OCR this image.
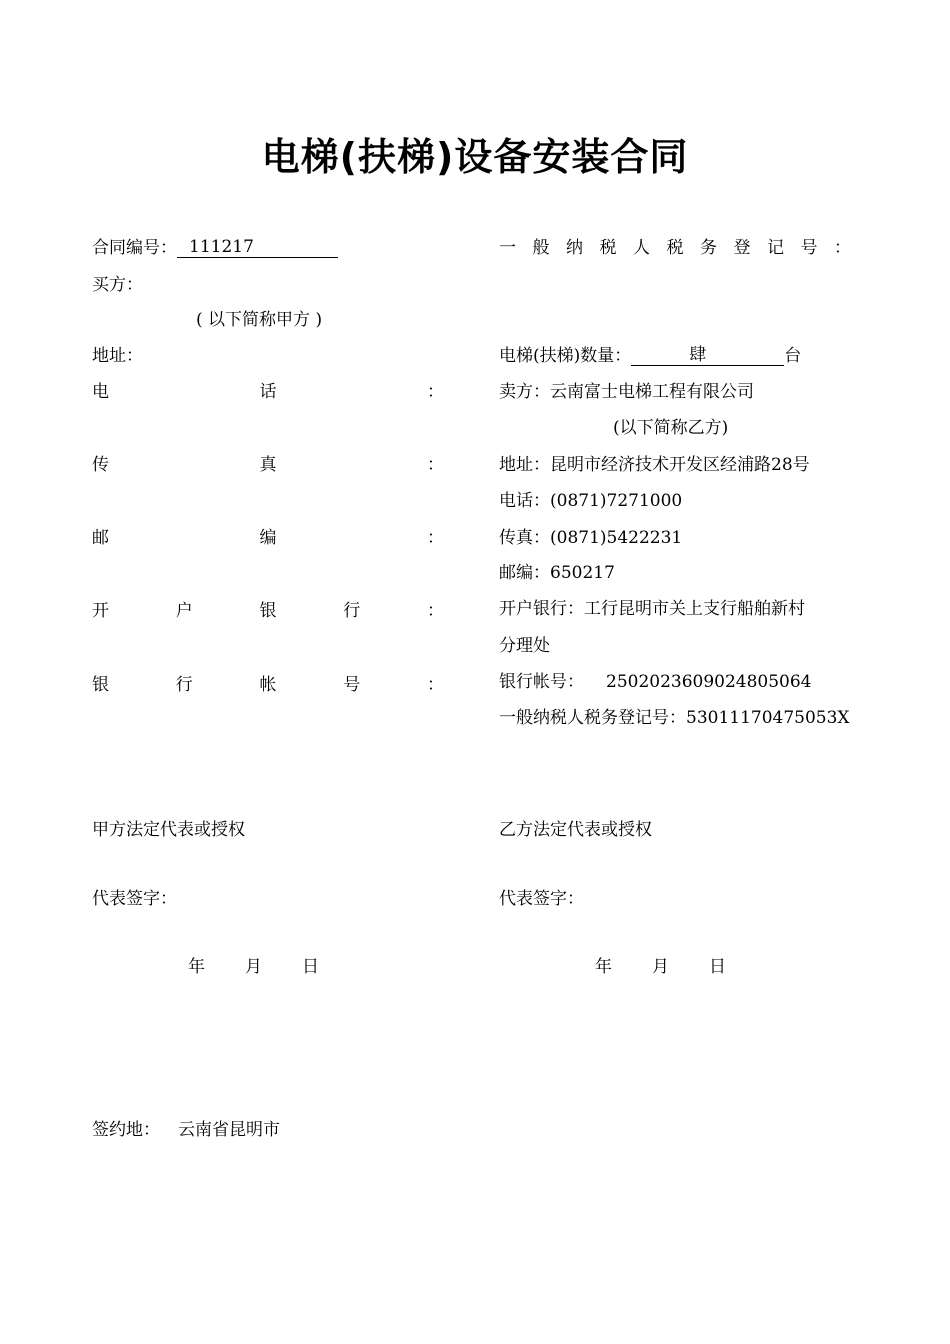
电梯(扶梯)设备安装合同
合同编号： 111217	一 般 纳 税 人 税 务 登 记 号 ：
买方：
( 以下简称甲方 )
地址：
电	话	：
传	真	：
邮	编	：
开	户	银	行	：
银	行	帐	号	：
电梯(扶梯)数量：	肆	台
卖方：云南富士电梯工程有限公司
(以下简称乙方)
地址：昆明市经济技术开发区经浦路28号
电话：(0871)7271000
传真：(0871)5422231
邮编：650217
开户银行：工行昆明市关上支行船舶新村
分理处
银行帐号： 2502023609024805064
一般纳税人税务登记号：53011170475053X
甲方法定代表或授权	乙方法定代表或授权
代表签字：	代表签字：
年 月 日	年 月 日
签约地： 云南省昆明市
